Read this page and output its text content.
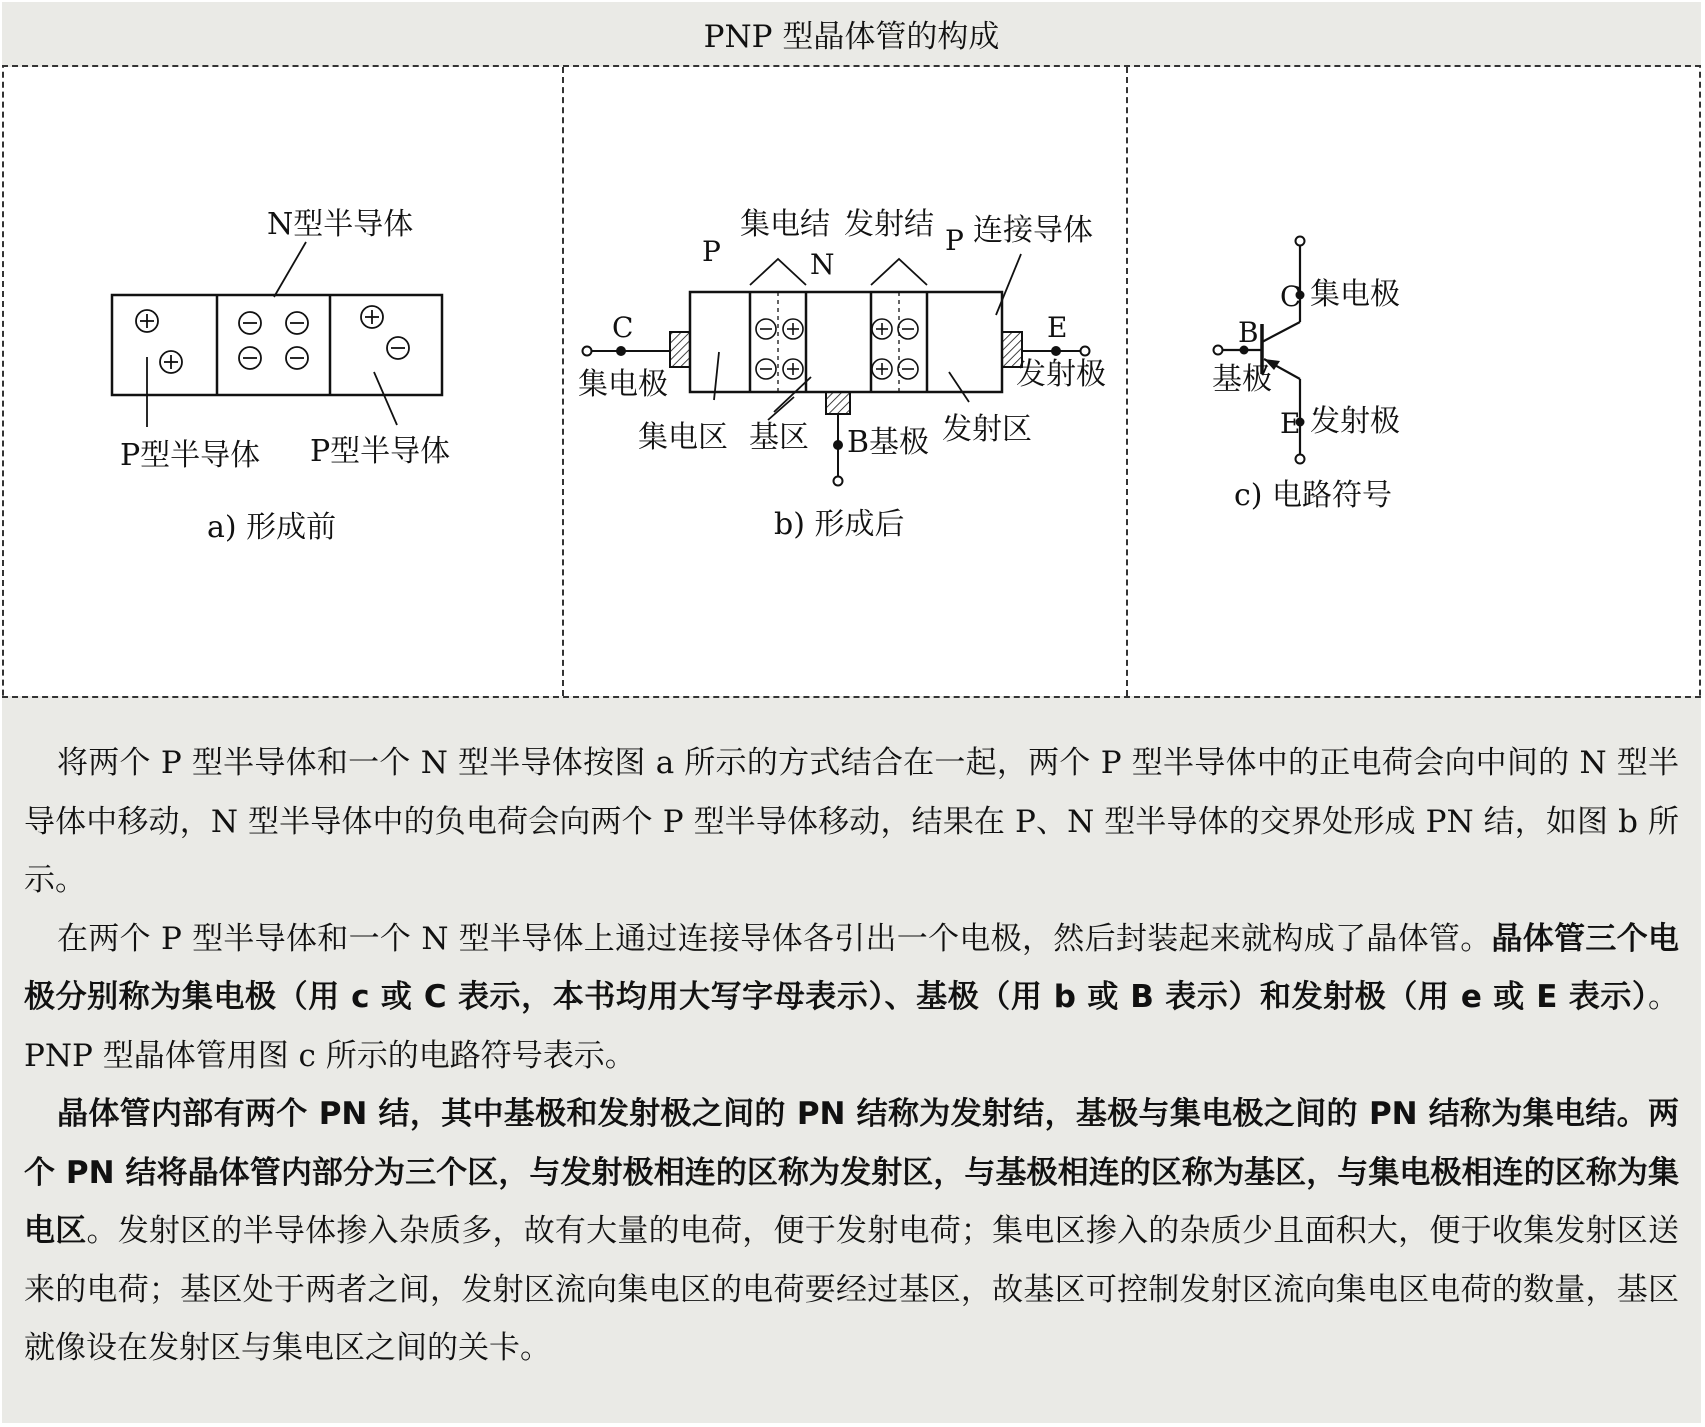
PNP 型晶体管的构成
N型半导体
P型半导体 P型半导体
a) 形成前
集电结 发射结
P	N
P 连接导体
C	E
集电极	发射极
集电区 基区 B基极 发射区
b) 形成后
C 集电极
B
基极
E 发射极
c) 电路符号

将两个 P 型半导体和一个 N 型半导体按图 a 所示的方式结合在一起，两个 P 型半导体中的正电荷会向中间的 N 型半导体中移动，N 型半导体中的负电荷会向两个 P 型半导体移动，结果在 P、N 型半导体的交界处形成 PN 结，如图 b 所示。

在两个 P 型半导体和一个 N 型半导体上通过连接导体各引出一个电极，然后封装起来就构成了晶体管。晶体管三个电极分别称为集电极（用 c 或 C 表示，本书均用大写字母表示）、基极（用 b 或 B 表示）和发射极（用 e 或 E 表示）。PNP 型晶体管用图 c 所示的电路符号表示。

晶体管内部有两个 PN 结，其中基极和发射极之间的 PN 结称为发射结，基极与集电极之间的 PN 结称为集电结。两个 PN 结将晶体管内部分为三个区，与发射极相连的区称为发射区，与基极相连的区称为基区，与集电极相连的区称为集电区。发射区的半导体掺入杂质多，故有大量的电荷，便于发射电荷；集电区掺入的杂质少且面积大，便于收集发射区送来的电荷；基区处于两者之间，发射区流向集电区的电荷要经过基区，故基区可控制发射区流向集电区电荷的数量，基区就像设在发射区与集电区之间的关卡。
